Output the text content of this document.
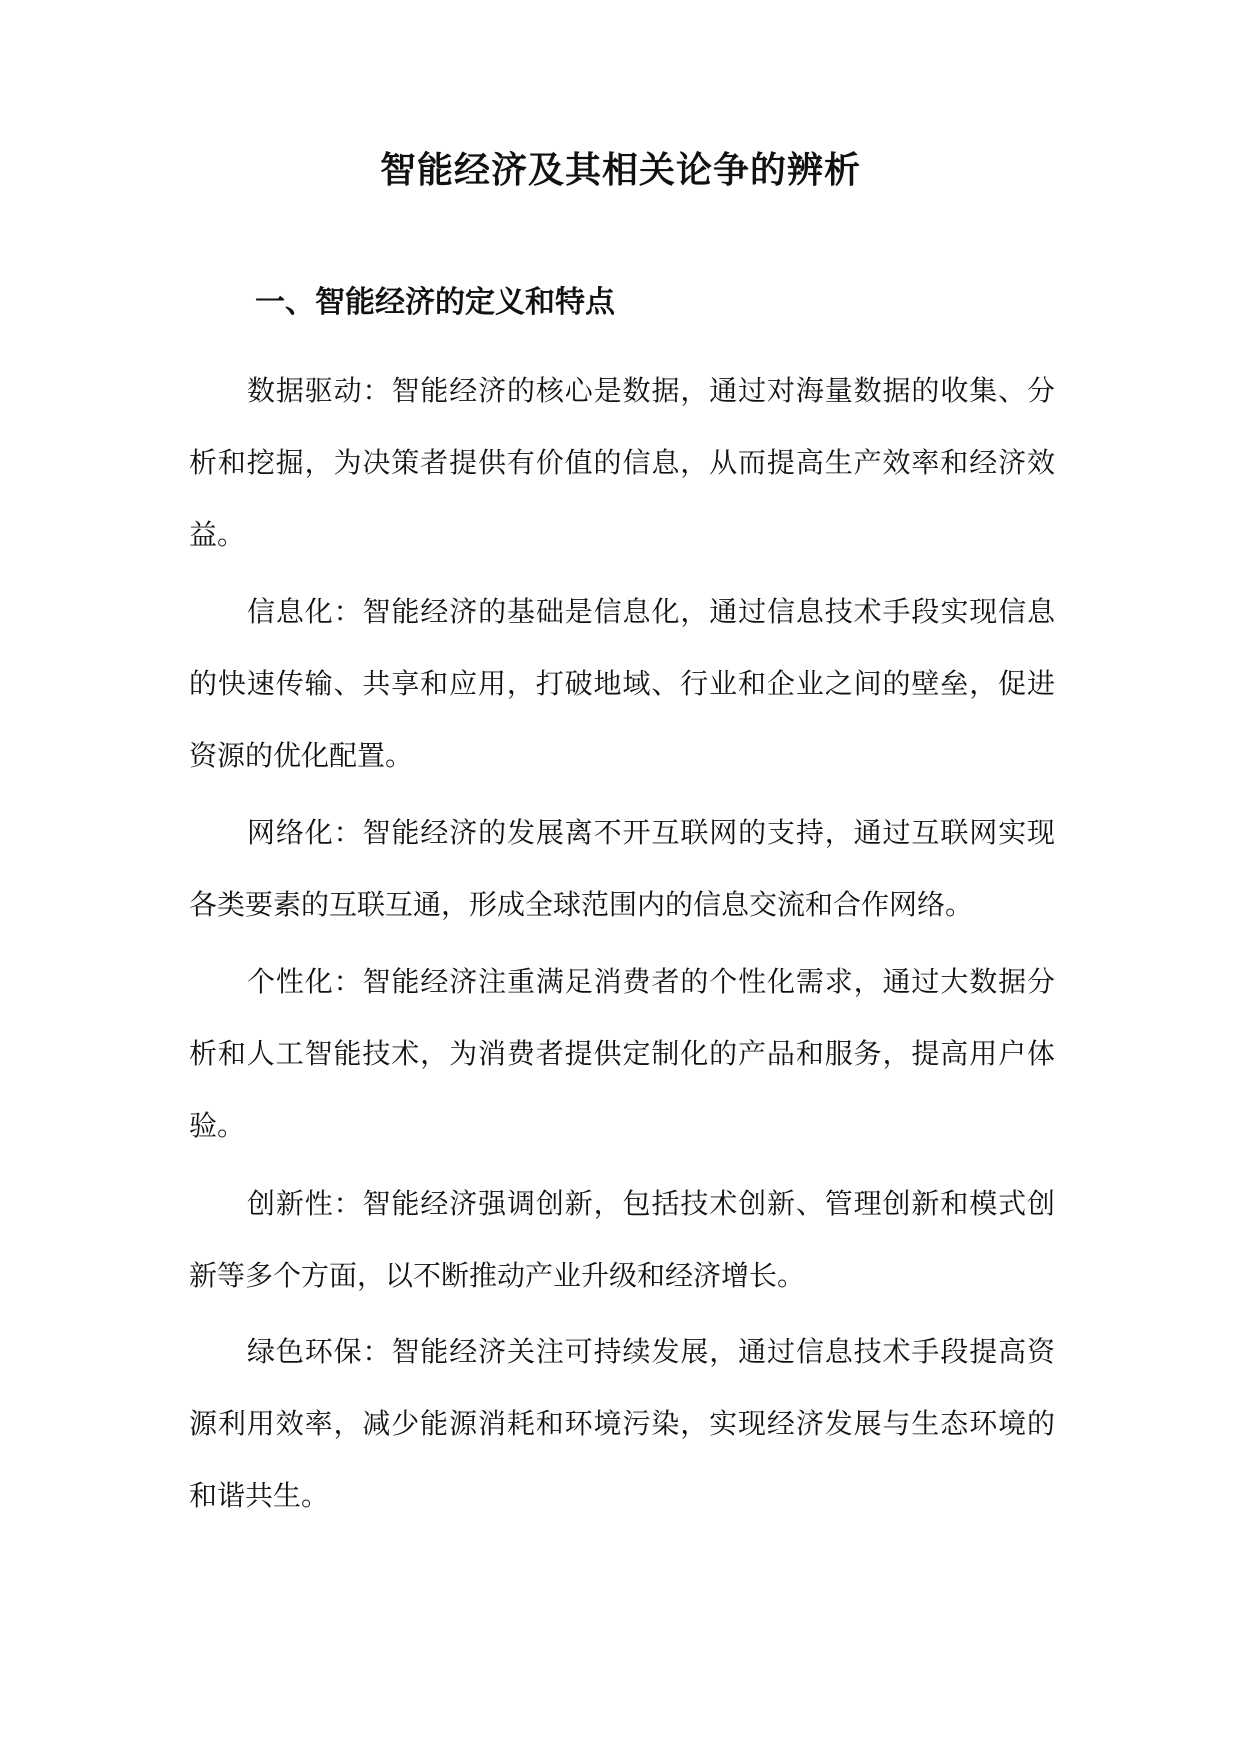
智能经济及其相关论争的辨析
一、智能经济的定义和特点

数据驱动：智能经济的核心是数据，通过对海量数据的收集、分析和挖掘，为决策者提供有价值的信息，从而提高生产效率和经济效益。

信息化：智能经济的基础是信息化，通过信息技术手段实现信息的快速传输、共享和应用，打破地域、行业和企业之间的壁垒，促进资源的优化配置。

网络化：智能经济的发展离不开互联网的支持，通过互联网实现各类要素的互联互通，形成全球范围内的信息交流和合作网络。

个性化：智能经济注重满足消费者的个性化需求，通过大数据分析和人工智能技术，为消费者提供定制化的产品和服务，提高用户体验。

创新性：智能经济强调创新，包括技术创新、管理创新和模式创新等多个方面，以不断推动产业升级和经济增长。

绿色环保：智能经济关注可持续发展，通过信息技术手段提高资源利用效率，减少能源消耗和环境污染，实现经济发展与生态环境的和谐共生。
